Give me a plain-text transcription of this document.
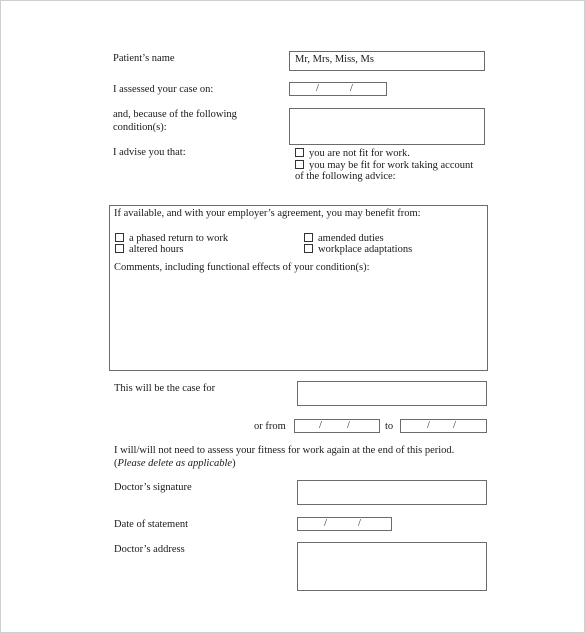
Patient’s name	Mr, Mrs, Miss, Ms
I assessed your case on:	/	/
and, because of the following
condition(s):
I advise you that:	you are not fit for work.
you may be fit for work taking account
of the following advice:
If available, and with your employer’s agreement, you may benefit from:
a phased return to work
altered hours
amended duties
workplace adaptations
Comments, including functional effects of your condition(s):
This will be the case for
or from	/ /	to	/ /
I will/will not need to assess your fitness for work again at the end of this period.
(Please delete as applicable)
Doctor’s signature
Date of statement	/	/
Doctor’s address
